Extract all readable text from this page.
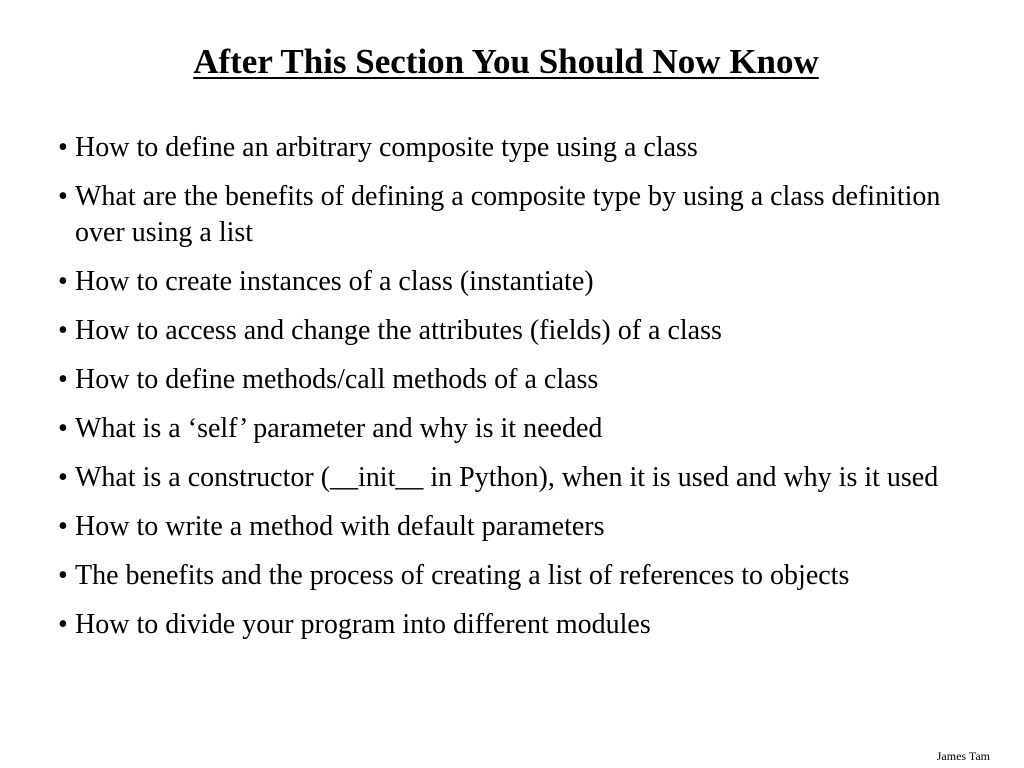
After This Section You Should Now Know
• How to define an arbitrary composite type using a class
• What are the benefits of defining a composite type by using a class definition over using a list
• How to create instances of a class (instantiate)
• How to access and change the attributes (fields) of a class
• How to define methods/call methods of a class
• What is a ‘self’ parameter and why is it needed
• What is a constructor (__init__ in Python), when it is used and why is it used
• How to write a method with default parameters
• The benefits and the process of creating a list of references to objects
• How to divide your program into different modules
James Tam
